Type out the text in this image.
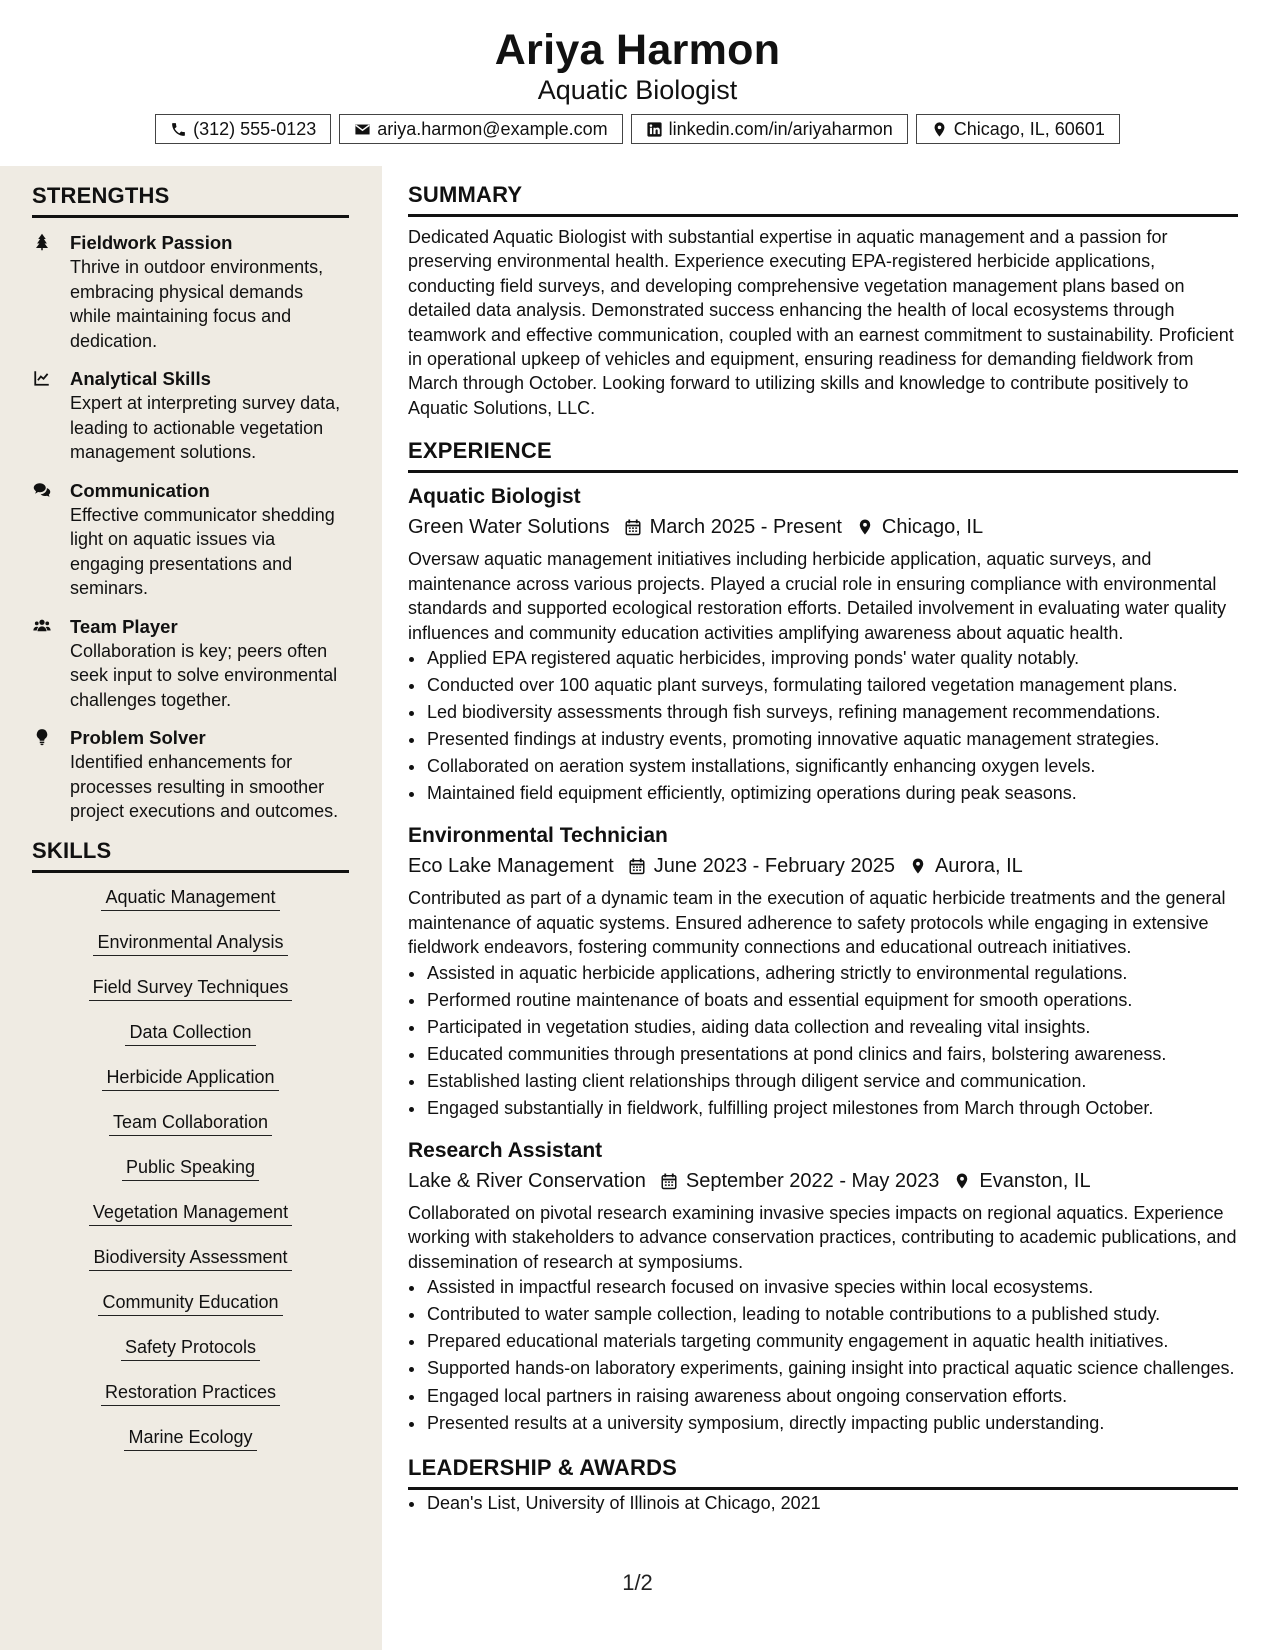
Ariya Harmon
Aquatic Biologist
(312) 555-0123	ariya.harmon@example.com	linkedin.com/in/ariyaharmon	Chicago, IL, 60601
STRENGTHS
Fieldwork Passion
Thrive in outdoor environments, embracing physical demands while maintaining focus and dedication.
Analytical Skills
Expert at interpreting survey data, leading to actionable vegetation management solutions.
Communication
Effective communicator shedding light on aquatic issues via engaging presentations and seminars.
Team Player
Collaboration is key; peers often seek input to solve environmental challenges together.
Problem Solver
Identified enhancements for processes resulting in smoother project executions and outcomes.
SKILLS
Aquatic Management
Environmental Analysis
Field Survey Techniques
Data Collection
Herbicide Application
Team Collaboration
Public Speaking
Vegetation Management
Biodiversity Assessment
Community Education
Safety Protocols
Restoration Practices
Marine Ecology
SUMMARY
Dedicated Aquatic Biologist with substantial expertise in aquatic management and a passion for preserving environmental health. Experience executing EPA-registered herbicide applications, conducting field surveys, and developing comprehensive vegetation management plans based on detailed data analysis. Demonstrated success enhancing the health of local ecosystems through teamwork and effective communication, coupled with an earnest commitment to sustainability. Proficient in operational upkeep of vehicles and equipment, ensuring readiness for demanding fieldwork from March through October. Looking forward to utilizing skills and knowledge to contribute positively to Aquatic Solutions, LLC.
EXPERIENCE
Aquatic Biologist
Green Water Solutions March 2025 - Present Chicago, IL
Oversaw aquatic management initiatives including herbicide application, aquatic surveys, and maintenance across various projects. Played a crucial role in ensuring compliance with environmental standards and supported ecological restoration efforts. Detailed involvement in evaluating water quality influences and community education activities amplifying awareness about aquatic health.
• Applied EPA registered aquatic herbicides, improving ponds' water quality notably.
• Conducted over 100 aquatic plant surveys, formulating tailored vegetation management plans.
• Led biodiversity assessments through fish surveys, refining management recommendations.
• Presented findings at industry events, promoting innovative aquatic management strategies.
• Collaborated on aeration system installations, significantly enhancing oxygen levels.
• Maintained field equipment efficiently, optimizing operations during peak seasons.
Environmental Technician
Eco Lake Management June 2023 - February 2025 Aurora, IL
Contributed as part of a dynamic team in the execution of aquatic herbicide treatments and the general maintenance of aquatic systems. Ensured adherence to safety protocols while engaging in extensive fieldwork endeavors, fostering community connections and educational outreach initiatives.
• Assisted in aquatic herbicide applications, adhering strictly to environmental regulations.
• Performed routine maintenance of boats and essential equipment for smooth operations.
• Participated in vegetation studies, aiding data collection and revealing vital insights.
• Educated communities through presentations at pond clinics and fairs, bolstering awareness.
• Established lasting client relationships through diligent service and communication.
• Engaged substantially in fieldwork, fulfilling project milestones from March through October.
Research Assistant
Lake & River Conservation September 2022 - May 2023 Evanston, IL
Collaborated on pivotal research examining invasive species impacts on regional aquatics. Experience working with stakeholders to advance conservation practices, contributing to academic publications, and dissemination of research at symposiums.
• Assisted in impactful research focused on invasive species within local ecosystems.
• Contributed to water sample collection, leading to notable contributions to a published study.
• Prepared educational materials targeting community engagement in aquatic health initiatives.
• Supported hands-on laboratory experiments, gaining insight into practical aquatic science challenges.
• Engaged local partners in raising awareness about ongoing conservation efforts.
• Presented results at a university symposium, directly impacting public understanding.
LEADERSHIP & AWARDS
• Dean's List, University of Illinois at Chicago, 2021
1/2
